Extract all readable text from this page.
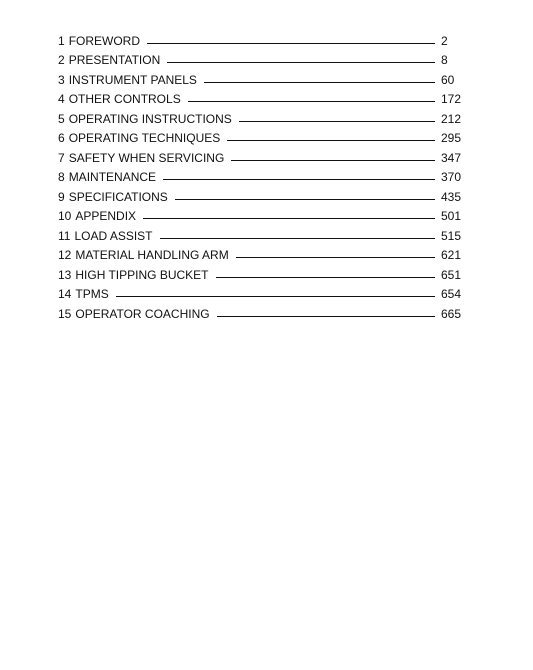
1 FOREWORD	2
2 PRESENTATION	8
3 INSTRUMENT PANELS	60
4 OTHER CONTROLS	172
5 OPERATING INSTRUCTIONS	212
6 OPERATING TECHNIQUES	295
7 SAFETY WHEN SERVICING	347
8 MAINTENANCE	370
9 SPECIFICATIONS	435
10 APPENDIX	501
11 LOAD ASSIST	515
12 MATERIAL HANDLING ARM	621
13 HIGH TIPPING BUCKET	651
14 TPMS	654
15 OPERATOR COACHING	665
